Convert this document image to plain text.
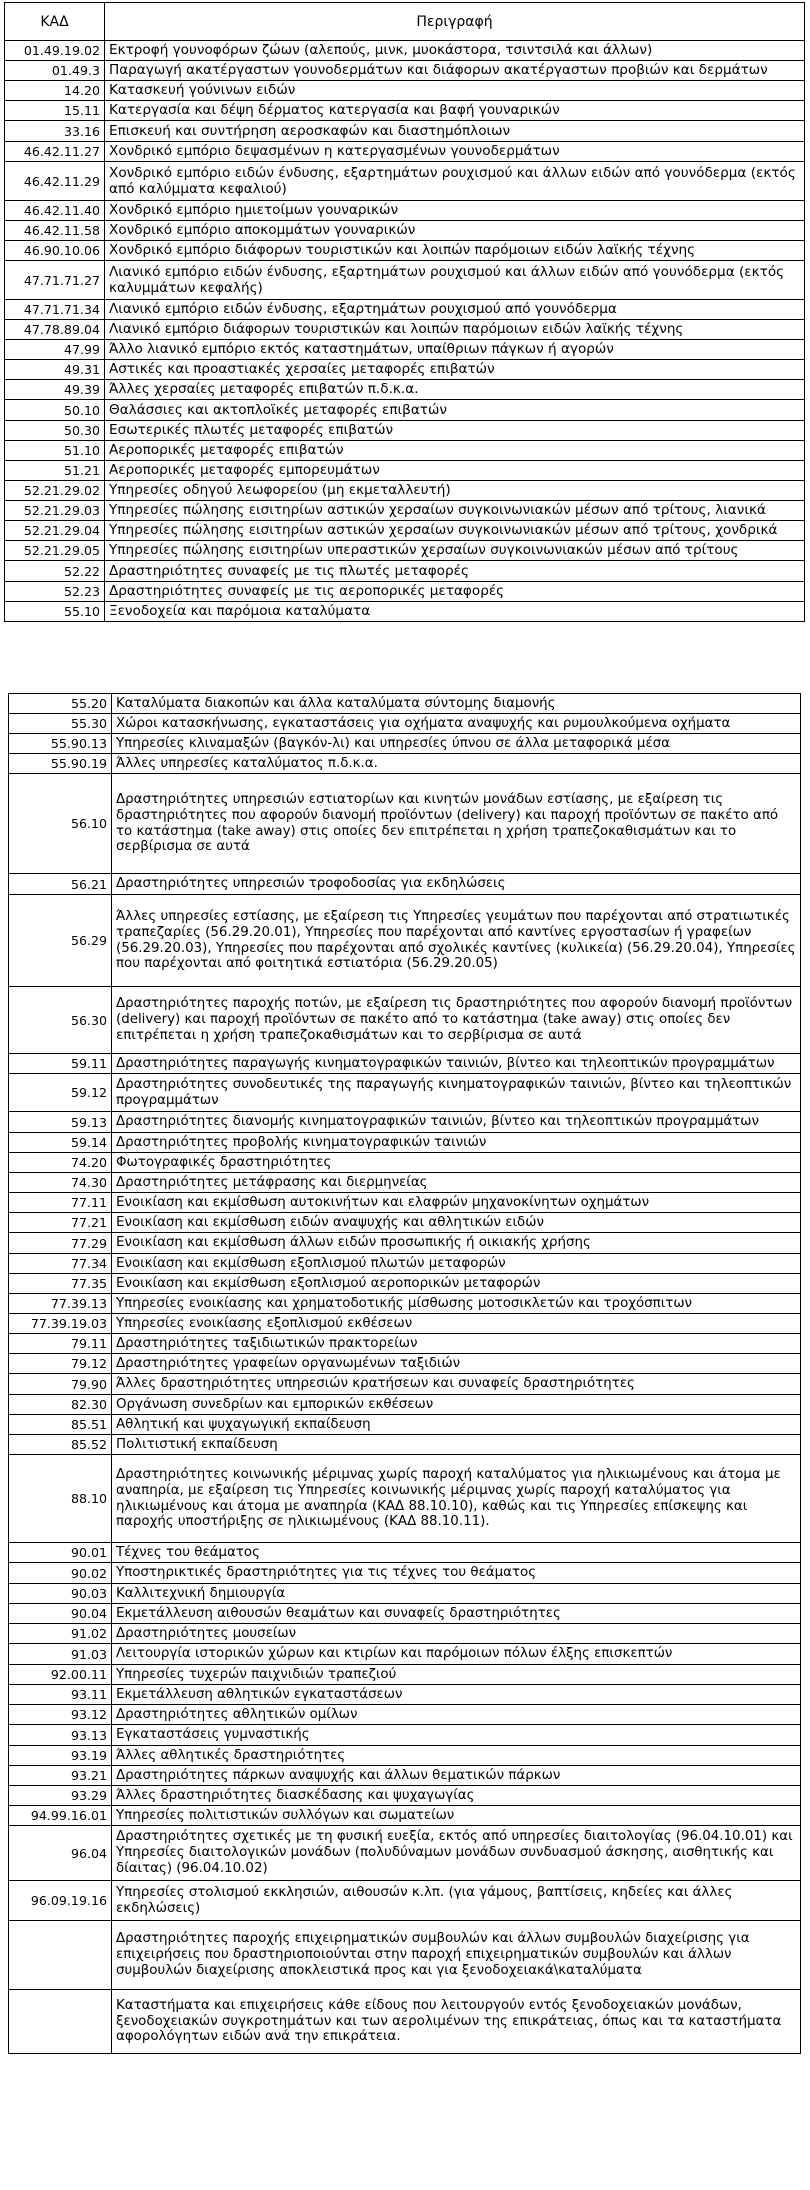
ΚΑΔ	Περιγραφή
01.49.19.02	Εκτροφή γουνοφόρων ζώων (αλεπούς, μινκ, μυοκάστορα, τσιντσιλά και άλλων)
01.49.3	Παραγωγή ακατέργαστων γουνοδερμάτων και διάφορων ακατέργαστων προβιών και δερμάτων
14.20	Κατασκευή γούνινων ειδών
15.11	Κατεργασία και δέψη δέρματος κατεργασία και βαφή γουναρικών
33.16	Επισκευή και συντήρηση αεροσκαφών και διαστημόπλοιων
46.42.11.27	Χονδρικό εμπόριο δεψασμένων η κατεργασμένων γουνοδερμάτων
46.42.11.29	Χονδρικό εμπόριο ειδών ένδυσης, εξαρτημάτων ρουχισμού και άλλων ειδών από γουνόδερμα (εκτός από καλύμματα κεφαλιού)
46.42.11.40	Χονδρικό εμπόριο ημιετοίμων γουναρικών
46.42.11.58	Χονδρικό εμπόριο αποκομμάτων γουναρικών
46.90.10.06	Χονδρικό εμπόριο διάφορων τουριστικών και λοιπών παρόμοιων ειδών λαϊκής τέχνης
47.71.71.27	Λιανικό εμπόριο ειδών ένδυσης, εξαρτημάτων ρουχισμού και άλλων ειδών από γουνόδερμα (εκτός καλυμμάτων κεφαλής)
47.71.71.34	Λιανικό εμπόριο ειδών ένδυσης, εξαρτημάτων ρουχισμού από γουνόδερμα
47.78.89.04	Λιανικό εμπόριο διάφορων τουριστικών και λοιπών παρόμοιων ειδών λαϊκής τέχνης
47.99	Άλλο λιανικό εμπόριο εκτός καταστημάτων, υπαίθριων πάγκων ή αγορών
49.31	Αστικές και προαστιακές χερσαίες μεταφορές επιβατών
49.39	Άλλες χερσαίες μεταφορές επιβατών π.δ.κ.α.
50.10	Θαλάσσιες και ακτοπλοϊκές μεταφορές επιβατών
50.30	Εσωτερικές πλωτές μεταφορές επιβατών
51.10	Αεροπορικές μεταφορές επιβατών
51.21	Αεροπορικές μεταφορές εμπορευμάτων
52.21.29.02	Υπηρεσίες οδηγού λεωφορείου (μη εκμεταλλευτή)
52.21.29.03	Υπηρεσίες πώλησης εισιτηρίων αστικών χερσαίων συγκοινωνιακών μέσων από τρίτους, λιανικά
52.21.29.04	Υπηρεσίες πώλησης εισιτηρίων αστικών χερσαίων συγκοινωνιακών μέσων από τρίτους, χονδρικά
52.21.29.05	Υπηρεσίες πώλησης εισιτηρίων υπεραστικών χερσαίων συγκοινωνιακών μέσων από τρίτους
52.22	Δραστηριότητες συναφείς με τις πλωτές μεταφορές
52.23	Δραστηριότητες συναφείς με τις αεροπορικές μεταφορές
55.10	Ξενοδοχεία και παρόμοια καταλύματα
55.20	Καταλύματα διακοπών και άλλα καταλύματα σύντομης διαμονής
55.30	Χώροι κατασκήνωσης, εγκαταστάσεις για οχήματα αναψυχής και ρυμουλκούμενα οχήματα
55.90.13	Υπηρεσίες κλιναμαξών (βαγκόν-λι) και υπηρεσίες ύπνου σε άλλα μεταφορικά μέσα
55.90.19	Άλλες υπηρεσίες καταλύματος π.δ.κ.α.
56.10	Δραστηριότητες υπηρεσιών εστιατορίων και κινητών μονάδων εστίασης, με εξαίρεση τις δραστηριότητες που αφορούν διανομή προϊόντων (delivery) και παροχή προϊόντων σε πακέτο από το κατάστημα (take away) στις οποίες δεν επιτρέπεται η χρήση τραπεζοκαθισμάτων και το σερβίρισμα σε αυτά
56.21	Δραστηριότητες υπηρεσιών τροφοδοσίας για εκδηλώσεις
56.29	Άλλες υπηρεσίες εστίασης, με εξαίρεση τις Υπηρεσίες γευμάτων που παρέχονται από στρατιωτικές τραπεζαρίες (56.29.20.01), Υπηρεσίες που παρέχονται από καντίνες εργοστασίων ή γραφείων (56.29.20.03), Υπηρεσίες που παρέχονται από σχολικές καντίνες (κυλικεία) (56.29.20.04), Υπηρεσίες που παρέχονται από φοιτητικά εστιατόρια (56.29.20.05)
56.30	Δραστηριότητες παροχής ποτών, με εξαίρεση τις δραστηριότητες που αφορούν διανομή προϊόντων (delivery) και παροχή προϊόντων σε πακέτο από το κατάστημα (take away) στις οποίες δεν επιτρέπεται η χρήση τραπεζοκαθισμάτων και το σερβίρισμα σε αυτά
59.11	Δραστηριότητες παραγωγής κινηματογραφικών ταινιών, βίντεο και τηλεοπτικών προγραμμάτων
59.12	Δραστηριότητες συνοδευτικές της παραγωγής κινηματογραφικών ταινιών, βίντεο και τηλεοπτικών προγραμμάτων
59.13	Δραστηριότητες διανομής κινηματογραφικών ταινιών, βίντεο και τηλεοπτικών προγραμμάτων
59.14	Δραστηριότητες προβολής κινηματογραφικών ταινιών
74.20	Φωτογραφικές δραστηριότητες
74.30	Δραστηριότητες μετάφρασης και διερμηνείας
77.11	Ενοικίαση και εκμίσθωση αυτοκινήτων και ελαφρών μηχανοκίνητων οχημάτων
77.21	Ενοικίαση και εκμίσθωση ειδών αναψυχής και αθλητικών ειδών
77.29	Ενοικίαση και εκμίσθωση άλλων ειδών προσωπικής ή οικιακής χρήσης
77.34	Ενοικίαση και εκμίσθωση εξοπλισμού πλωτών μεταφορών
77.35	Ενοικίαση και εκμίσθωση εξοπλισμού αεροπορικών μεταφορών
77.39.13	Υπηρεσίες ενοικίασης και χρηματοδοτικής μίσθωσης μοτοσικλετών και τροχόσπιτων
77.39.19.03	Υπηρεσίες ενοικίασης εξοπλισμού εκθέσεων
79.11	Δραστηριότητες ταξιδιωτικών πρακτορείων
79.12	Δραστηριότητες γραφείων οργανωμένων ταξιδιών
79.90	Άλλες δραστηριότητες υπηρεσιών κρατήσεων και συναφείς δραστηριότητες
82.30	Οργάνωση συνεδρίων και εμπορικών εκθέσεων
85.51	Αθλητική και ψυχαγωγική εκπαίδευση
85.52	Πολιτιστική εκπαίδευση
88.10	Δραστηριότητες κοινωνικής μέριμνας χωρίς παροχή καταλύματος για ηλικιωμένους και άτομα με αναπηρία, με εξαίρεση τις Υπηρεσίες κοινωνικής μέριμνας χωρίς παροχή καταλύματος για ηλικιωμένους και άτομα με αναπηρία (ΚΑΔ 88.10.10), καθώς και τις Υπηρεσίες επίσκεψης και παροχής υποστήριξης σε ηλικιωμένους (ΚΑΔ 88.10.11).
90.01	Τέχνες του θεάματος
90.02	Υποστηρικτικές δραστηριότητες για τις τέχνες του θεάματος
90.03	Καλλιτεχνική δημιουργία
90.04	Εκμετάλλευση αιθουσών θεαμάτων και συναφείς δραστηριότητες
91.02	Δραστηριότητες μουσείων
91.03	Λειτουργία ιστορικών χώρων και κτιρίων και παρόμοιων πόλων έλξης επισκεπτών
92.00.11	Υπηρεσίες τυχερών παιχνιδιών τραπεζιού
93.11	Εκμετάλλευση αθλητικών εγκαταστάσεων
93.12	Δραστηριότητες αθλητικών ομίλων
93.13	Εγκαταστάσεις γυμναστικής
93.19	Άλλες αθλητικές δραστηριότητες
93.21	Δραστηριότητες πάρκων αναψυχής και άλλων θεματικών πάρκων
93.29	Άλλες δραστηριότητες διασκέδασης και ψυχαγωγίας
94.99.16.01	Υπηρεσίες πολιτιστικών συλλόγων και σωματείων
96.04	Δραστηριότητες σχετικές με τη φυσική ευεξία, εκτός από υπηρεσίες διαιτολογίας (96.04.10.01) και Υπηρεσίες διαιτολογικών μονάδων (πολυδύναμων μονάδων συνδυασμού άσκησης, αισθητικής και δίαιτας) (96.04.10.02)
96.09.19.16	Υπηρεσίες στολισμού εκκλησιών, αιθουσών κ.λπ. (για γάμους, βαπτίσεις, κηδείες και άλλες εκδηλώσεις)
	Δραστηριότητες παροχής επιχειρηματικών συμβουλών και άλλων συμβουλών διαχείρισης για επιχειρήσεις που δραστηριοποιούνται στην παροχή επιχειρηματικών συμβουλών και άλλων συμβουλών διαχείρισης αποκλειστικά προς και για ξενοδοχειακά\καταλύματα
	Καταστήματα και επιχειρήσεις κάθε είδους που λειτουργούν εντός ξενοδοχειακών μονάδων, ξενοδοχειακών συγκροτημάτων και των αερολιμένων της επικράτειας, όπως και τα καταστήματα αφορολόγητων ειδών ανά την επικράτεια.
